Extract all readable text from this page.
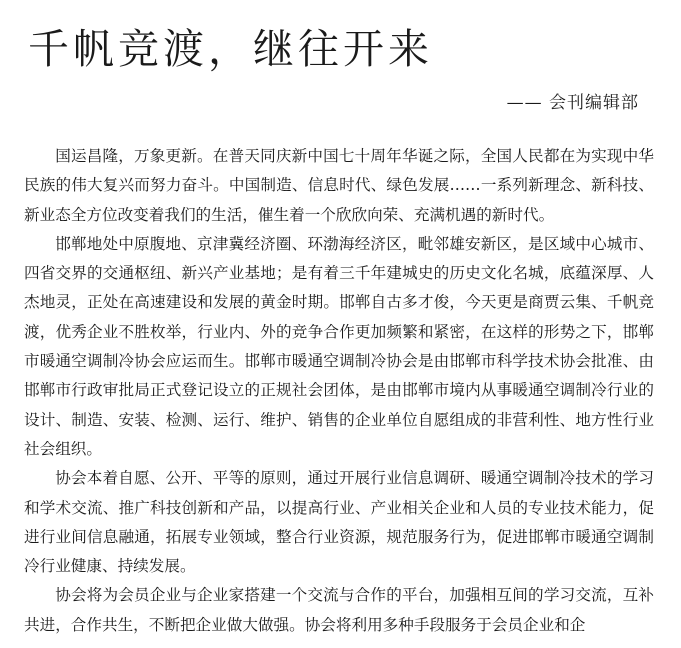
千帆竞渡，继往开来
—— 会刊编辑部

国运昌隆，万象更新。在普天同庆新中国七十周年华诞之际，全国人民都在为实现中华民族的伟大复兴而努力奋斗。中国制造、信息时代、绿色发展……一系列新理念、新科技、新业态全方位改变着我们的生活，催生着一个欣欣向荣、充满机遇的新时代。

邯郸地处中原腹地、京津冀经济圈、环渤海经济区，毗邻雄安新区，是区域中心城市、四省交界的交通枢纽、新兴产业基地；是有着三千年建城史的历史文化名城，底蕴深厚、人杰地灵，正处在高速建设和发展的黄金时期。邯郸自古多才俊，今天更是商贾云集、千帆竞渡，优秀企业不胜枚举，行业内、外的竞争合作更加频繁和紧密，在这样的形势之下，邯郸市暖通空调制冷协会应运而生。邯郸市暖通空调制冷协会是由邯郸市科学技术协会批准、由邯郸市行政审批局正式登记设立的正规社会团体，是由邯郸市境内从事暖通空调制冷行业的设计、制造、安装、检测、运行、维护、销售的企业单位自愿组成的非营利性、地方性行业社会组织。

协会本着自愿、公开、平等的原则，通过开展行业信息调研、暖通空调制冷技术的学习和学术交流、推广科技创新和产品，以提高行业、产业相关企业和人员的专业技术能力，促进行业间信息融通，拓展专业领域，整合行业资源，规范服务行为，促进邯郸市暖通空调制冷行业健康、持续发展。

协会将为会员企业与企业家搭建一个交流与合作的平台，加强相互间的学习交流，互补共进，合作共生，不断把企业做大做强。协会将利用多种手段服务于会员企业和企
